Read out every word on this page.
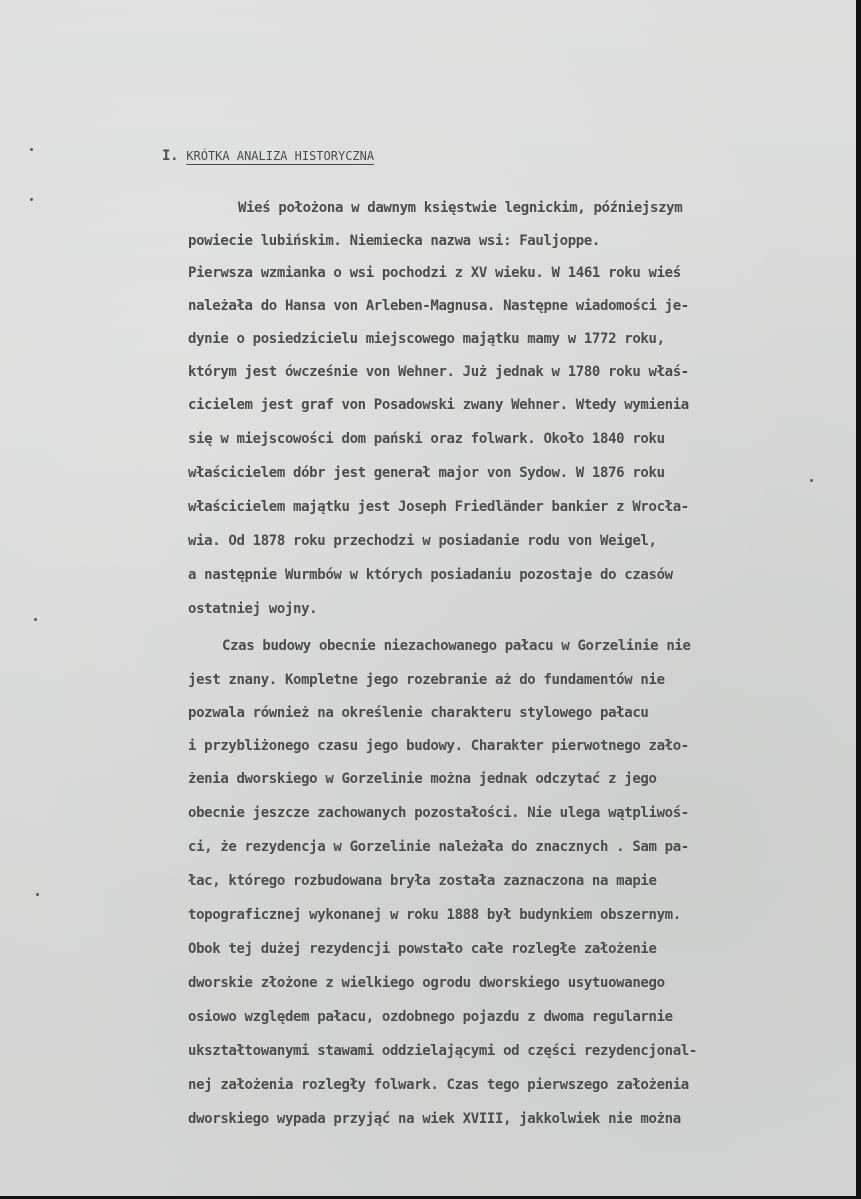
I. KRÓTKA ANALIZA HISTORYCZNA
Wieś położona w dawnym księstwie legnickim, późniejszym
powiecie lubińskim. Niemiecka nazwa wsi: Fauljoppe.
Pierwsza wzmianka o wsi pochodzi z XV wieku. W 1461 roku wieś
należała do Hansa von Arleben-Magnusa. Następne wiadomości je-
dynie o posiedzicielu miejscowego majątku mamy w 1772 roku,
którym jest ówcześnie von Wehner. Już jednak w 1780 roku właś-
cicielem jest graf von Posadowski zwany Wehner. Wtedy wymienia
się w miejscowości dom pański oraz folwark. Około 1840 roku
właścicielem dóbr jest generał major von Sydow. W 1876 roku
właścicielem majątku jest Joseph Friedländer bankier z Wrocła-
wia. Od 1878 roku przechodzi w posiadanie rodu von Weigel,
a następnie Wurmbów w których posiadaniu pozostaje do czasów
ostatniej wojny.
Czas budowy obecnie niezachowanego pałacu w Gorzelinie nie
jest znany. Kompletne jego rozebranie aż do fundamentów nie
pozwala również na określenie charakteru stylowego pałacu
i przybliżonego czasu jego budowy. Charakter pierwotnego zało-
żenia dworskiego w Gorzelinie można jednak odczytać z jego
obecnie jeszcze zachowanych pozostałości. Nie ulega wątpliwoś-
ci, że rezydencja w Gorzelinie należała do znacznych . Sam pa-
łac, którego rozbudowana bryła została zaznaczona na mapie
topograficznej wykonanej w roku 1888 był budynkiem obszernym.
Obok tej dużej rezydencji powstało całe rozległe założenie
dworskie złożone z wielkiego ogrodu dworskiego usytuowanego
osiowo względem pałacu, ozdobnego pojazdu z dwoma regularnie
ukształtowanymi stawami oddzielającymi od części rezydencjonal-
nej założenia rozległy folwark. Czas tego pierwszego założenia
dworskiego wypada przyjąć na wiek XVIII, jakkolwiek nie można
